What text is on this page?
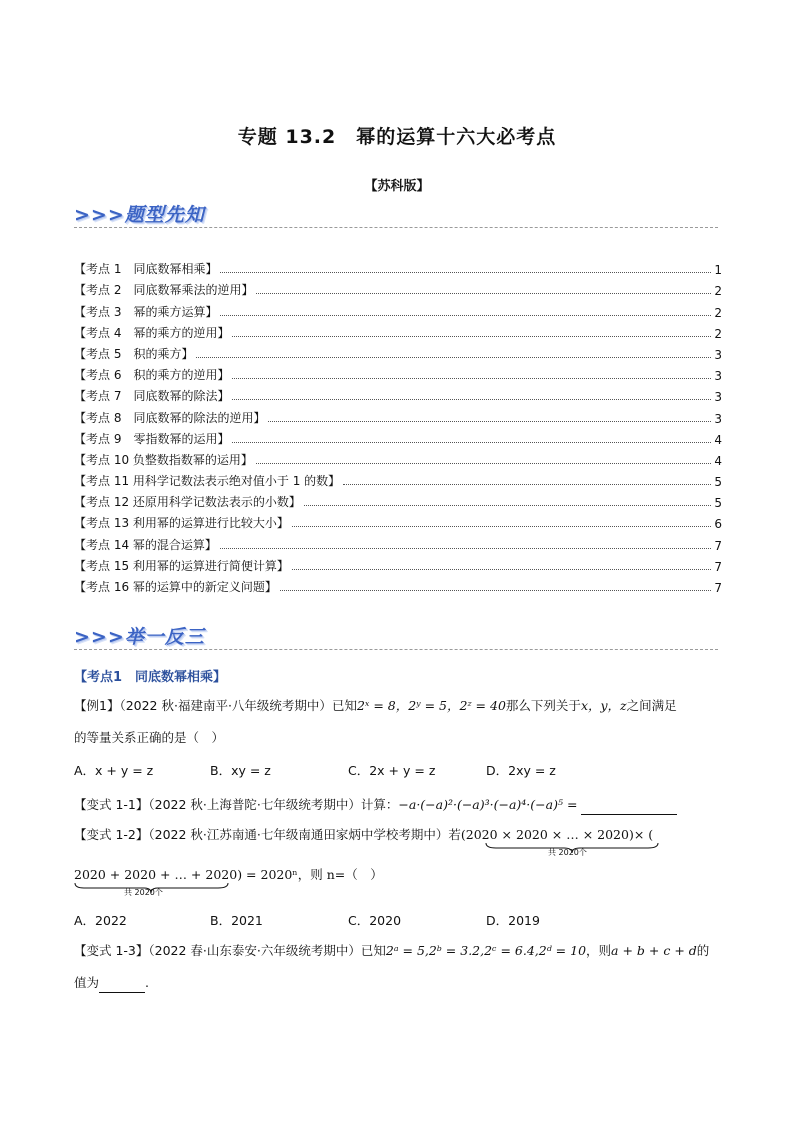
专题 13.2　幂的运算十六大必考点
【苏科版】
>>>题型先知
【考点 1　同底数幂相乘】	1
【考点 2　同底数幂乘法的逆用】	2
【考点 3　幂的乘方运算】	2
【考点 4　幂的乘方的逆用】	2
【考点 5　积的乘方】	3
【考点 6　积的乘方的逆用】	3
【考点 7　同底数幂的除法】	3
【考点 8　同底数幂的除法的逆用】	3
【考点 9　零指数幂的运用】	4
【考点 10 负整数指数幂的运用】	4
【考点 11 用科学记数法表示绝对值小于 1 的数】	5
【考点 12 还原用科学记数法表示的小数】	5
【考点 13 利用幂的运算进行比较大小】	6
【考点 14 幂的混合运算】	7
【考点 15 利用幂的运算进行简便计算】	7
【考点 16 幂的运算中的新定义问题】	7
>>>举一反三
【考点1　同底数幂相乘】
【例1】（2022 秋·福建南平·八年级统考期中）已知2ˣ = 8，2ʸ = 5，2ᶻ = 40那么下列关于x，y，z之间满足
的等量关系正确的是（　）
A．x + y = z	B．xy = z	C．2x + y = z	D．2xy = z
【变式 1-1】（2022 秋·上海普陀·七年级统考期中）计算：−a·(−a)²·(−a)³·(−a)⁴·(−a)⁵ =
【变式 1-2】（2022 秋·江苏南通·七年级南通田家炳中学校考期中）若(2020 × 2020 × … × 2020)× (
共 2020个
2020 + 2020 + … + 2020) = 2020ⁿ，则 n=（　）
共 2020个
A．2022	B．2021	C．2020	D．2019
【变式 1-3】（2022 春·山东泰安·六年级统考期中）已知2ᵃ = 5,2ᵇ = 3.2,2ᶜ = 6.4,2ᵈ = 10，则a + b + c + d的
值为	.
